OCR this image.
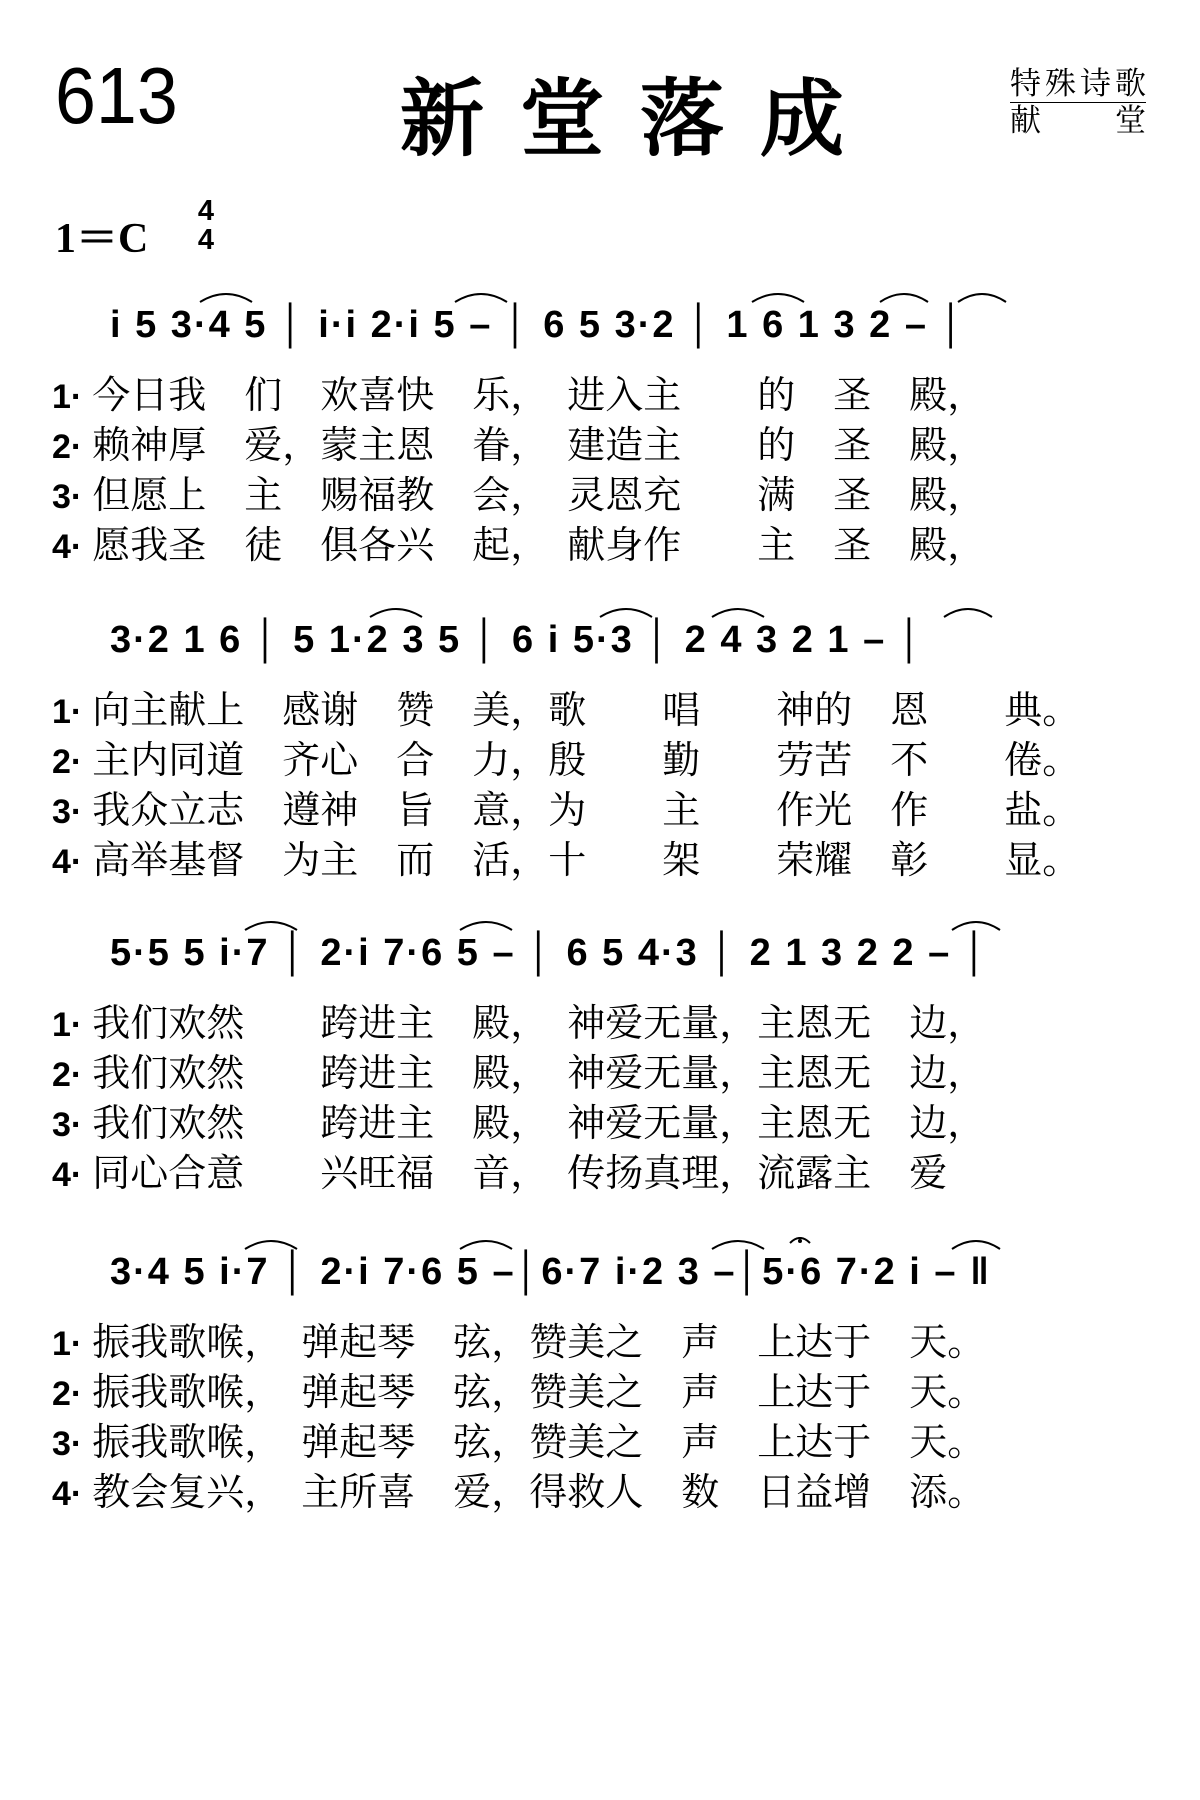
613	新堂落成	特殊诗歌
献　　堂
1＝C
4
4
i 5 3·4 5 │ i·i 2·i 5 – │ 6 5 3·2 │ 1 6 1 3 2 – │
1· 今日我　们　欢喜快　乐，　进入主　　的　圣　殿，
2· 赖神厚　爱，蒙主恩　眷，　建造主　　的　圣　殿，
3· 但愿上　主　赐福教　会，　灵恩充　　满　圣　殿，
4· 愿我圣　徒　俱各兴　起，　献身作　　主　圣　殿，
3·2 1 6 │ 5 1·2 3 5 │ 6 i 5·3 │ 2 4 3 2 1 – │
1· 向主献上　感谢　赞　美，歌　　唱　　神的　恩　　典。
2· 主内同道　齐心　合　力，殷　　勤　　劳苦　不　　倦。
3· 我众立志　遵神　旨　意，为　　主　　作光　作　　盐。
4· 高举基督　为主　而　活，十　　架　　荣耀　彰　　显。
5·5 5 i·7 │ 2·i 7·6 5 – │ 6 5 4·3 │ 2 1 3 2 2 – │
1· 我们欢然　　跨进主　殿，　神爱无量，主恩无　边，
2· 我们欢然　　跨进主　殿，　神爱无量，主恩无　边，
3· 我们欢然　　跨进主　殿，　神爱无量，主恩无　边，
4· 同心合意　　兴旺福　音，　传扬真理，流露主　爱
3·4 5 i·7 │ 2·i 7·6 5 –│6·7 i·2 3 –│5·6 7·2 i – ‖
1· 振我歌喉，　弹起琴　弦，赞美之　声　上达于　天。
2· 振我歌喉，　弹起琴　弦，赞美之　声　上达于　天。
3· 振我歌喉，　弹起琴　弦，赞美之　声　上达于　天。
4· 教会复兴，　主所喜　爱，得救人　数　日益增　添。
